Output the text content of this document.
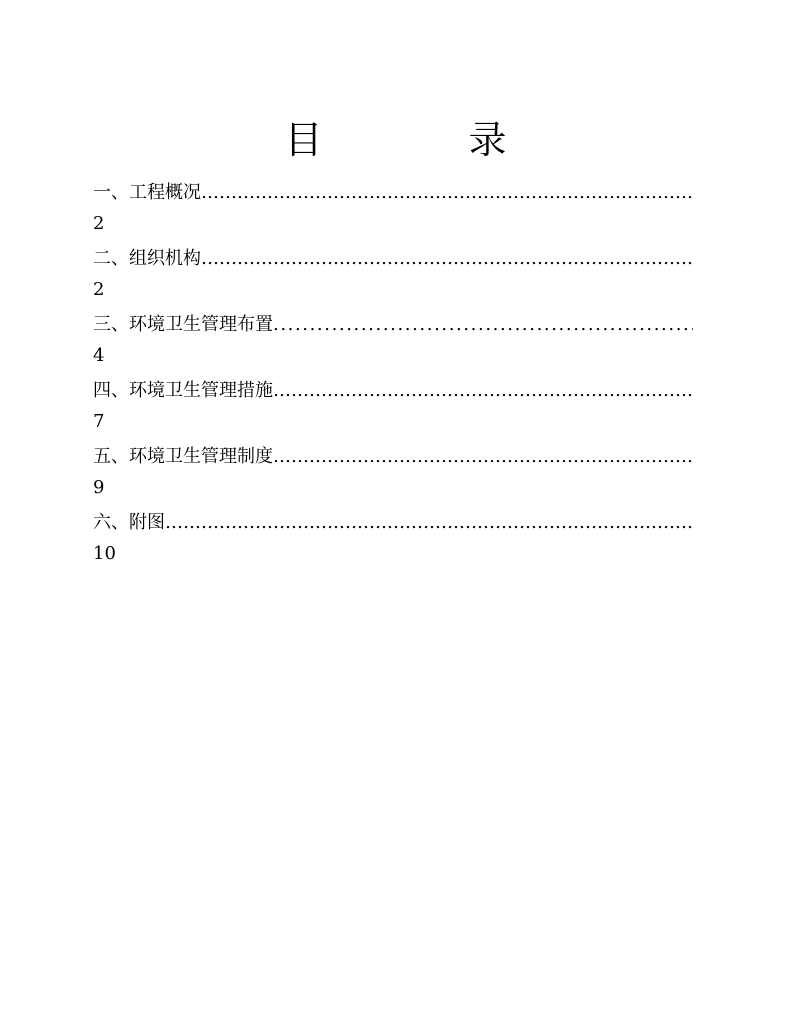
目　录
一、工程概况
……………………………………………………………………………………………………………………………………………………
2
二、组织机构
……………………………………………………………………………………………………………………………………………………
2
三、环境卫生管理布置
.....
4
四、环境卫生管理措施
……………………………………………………………………………………………………………………………………………………
7
五、环境卫生管理制度
……………………………………………………………………………………………………………………………………………………
9
六、附图
……………………………………………………………………………………………………………………………………………………
10
